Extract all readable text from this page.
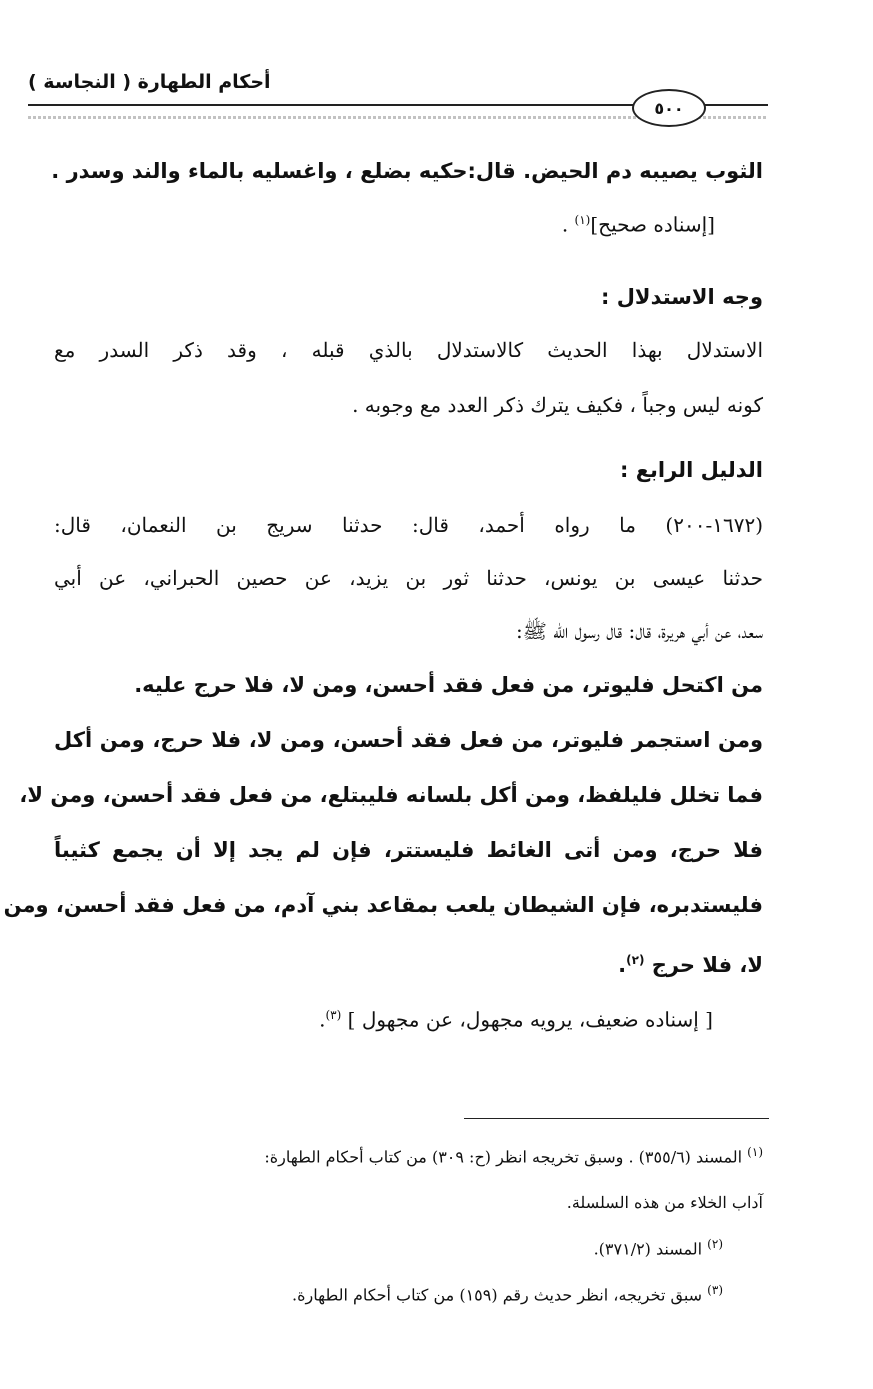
أحكام الطهارة ( النجاسة )
٥٠٠
الثوب يصيبه دم الحيض. قال:حكيه بضلع ، واغسليه بالماء والند وسدر .
[إسناده صحيح]$^{(١)}$ .
وجه الاستدلال :
الاستدلال بهذا الحديث كالاستدلال بالذي قبله ، وقد ذكر السدر مع
كونه ليس وجباً ، فكيف يترك ذكر العدد مع وجوبه .
الدليل الرابع :
(١٦٧٢-٢٠٠) ما رواه أحمد، قال: حدثنا سريج بن النعمان، قال:
حدثنا عيسى بن يونس، حدثنا ثور بن يزيد، عن حصين الحبراني، عن أبي
سعد، عن أبي هريرة، قال: قال رسول الله ﷺ:
من اكتحل فليوتر، من فعل فقد أحسن، ومن لا، فلا حرج عليه.
ومن استجمر فليوتر، من فعل فقد أحسن، ومن لا، فلا حرج، ومن أكل
فما تخلل فليلفظ، ومن أكل بلسانه فليبتلع، من فعل فقد أحسن، ومن لا،
فلا حرج، ومن أتى الغائط فليستتر، فإن لم يجد إلا أن يجمع كثيباً
فليستدبره، فإن الشيطان يلعب بمقاعد بني آدم، من فعل فقد أحسن، ومن
لا، فلا حرج $^{(٢)}$.
[ إسناده ضعيف، يرويه مجهول، عن مجهول ] $^{(٣)}$.
$^{(١)}$ المسند (٣٥٥/٦) . وسبق تخريجه انظر (ح: ٣٠٩) من كتاب أحكام الطهارة:
آداب الخلاء من هذه السلسلة.
$^{(٢)}$ المسند (٣٧١/٢).
$^{(٣)}$ سبق تخريجه، انظر حديث رقم (١٥٩) من كتاب أحكام الطهارة.
